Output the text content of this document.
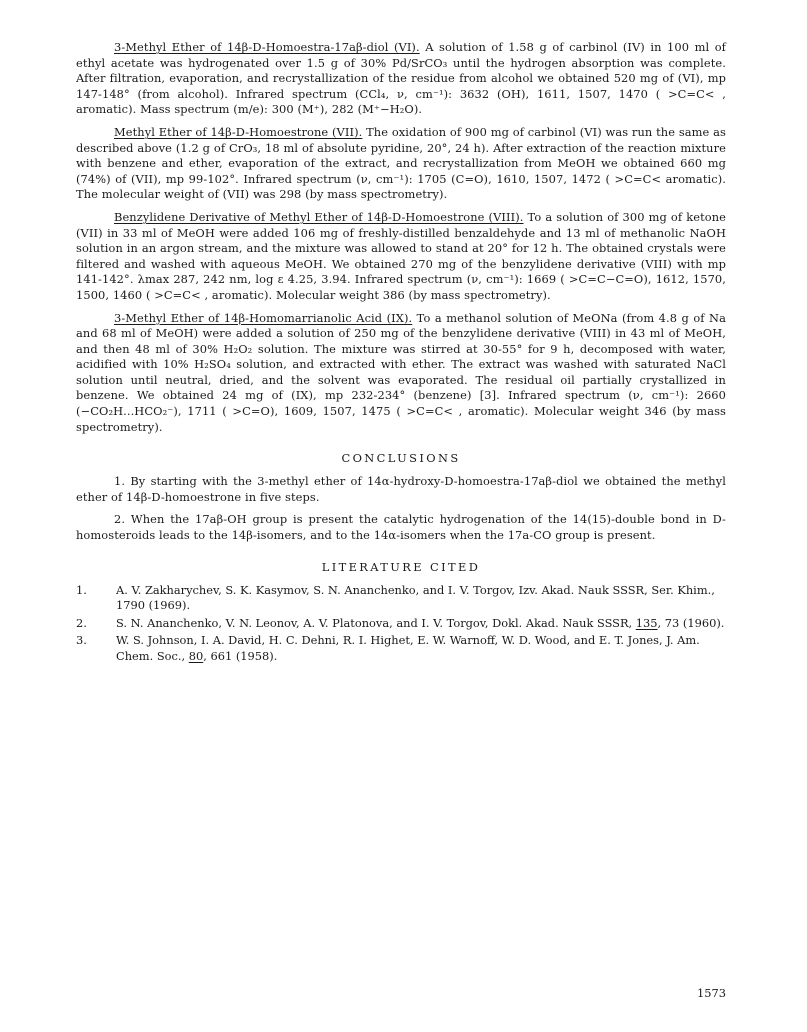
3-Methyl Ether of 14β-D-Homoestra-17aβ-diol (VI). A solution of 1.58 g of carbinol (IV) in 100 ml of ethyl acetate was hydrogenated over 1.5 g of 30% Pd/SrCO₃ until the hydrogen absorption was complete. After filtration, evaporation, and recrystallization of the residue from alcohol we obtained 520 mg of (VI), mp 147-148° (from alcohol). Infrared spectrum (CCl₄, ν, cm⁻¹): 3632 (OH), 1611, 1507, 1470 ( >C=C< , aromatic). Mass spectrum (m/e): 300 (M⁺), 282 (M⁺−H₂O).

Methyl Ether of 14β-D-Homoestrone (VII). The oxidation of 900 mg of carbinol (VI) was run the same as described above (1.2 g of CrO₃, 18 ml of absolute pyridine, 20°, 24 h). After extraction of the reaction mixture with benzene and ether, evaporation of the extract, and recrystallization from MeOH we obtained 660 mg (74%) of (VII), mp 99-102°. Infrared spectrum (ν, cm⁻¹): 1705 (C=O), 1610, 1507, 1472 ( >C=C< aromatic). The molecular weight of (VII) was 298 (by mass spectrometry).

Benzylidene Derivative of Methyl Ether of 14β-D-Homoestrone (VIII). To a solution of 300 mg of ketone (VII) in 33 ml of MeOH were added 106 mg of freshly-distilled benzaldehyde and 13 ml of methanolic NaOH solution in an argon stream, and the mixture was allowed to stand at 20° for 12 h. The obtained crystals were filtered and washed with aqueous MeOH. We obtained 270 mg of the benzylidene derivative (VIII) with mp 141-142°. λmax 287, 242 nm, log ε 4.25, 3.94. Infrared spectrum (ν, cm⁻¹): 1669 ( >C=C−C=O), 1612, 1570, 1500, 1460 ( >C=C< , aromatic). Molecular weight 386 (by mass spectrometry).

3-Methyl Ether of 14β-Homomarrianolic Acid (IX). To a methanol solution of MeONa (from 4.8 g of Na and 68 ml of MeOH) were added a solution of 250 mg of the benzylidene derivative (VIII) in 43 ml of MeOH, and then 48 ml of 30% H₂O₂ solution. The mixture was stirred at 30-55° for 9 h, decomposed with water, acidified with 10% H₂SO₄ solution, and extracted with ether. The extract was washed with saturated NaCl solution until neutral, dried, and the solvent was evaporated. The residual oil partially crystallized in benzene. We obtained 24 mg of (IX), mp 232-234° (benzene) [3]. Infrared spectrum (ν, cm⁻¹): 2660 (−CO₂H...HCO₂⁻), 1711 ( >C=O), 1609, 1507, 1475 ( >C=C< , aromatic). Molecular weight 346 (by mass spectrometry).

CONCLUSIONS

1. By starting with the 3-methyl ether of 14α-hydroxy-D-homoestra-17aβ-diol we obtained the methyl ether of 14β-D-homoestrone in five steps.

2. When the 17aβ-OH group is present the catalytic hydrogenation of the 14(15)-double bond in D-homosteroids leads to the 14β-isomers, and to the 14α-isomers when the 17a-CO group is present.

LITERATURE CITED
1.	A. V. Zakharychev, S. K. Kasymov, S. N. Ananchenko, and I. V. Torgov, Izv. Akad. Nauk SSSR, Ser. Khim., 1790 (1969).
2.	S. N. Ananchenko, V. N. Leonov, A. V. Platonova, and I. V. Torgov, Dokl. Akad. Nauk SSSR, 135, 73 (1960).
3.	W. S. Johnson, I. A. David, H. C. Dehni, R. I. Highet, E. W. Warnoff, W. D. Wood, and E. T. Jones, J. Am. Chem. Soc., 80, 661 (1958).
1573
